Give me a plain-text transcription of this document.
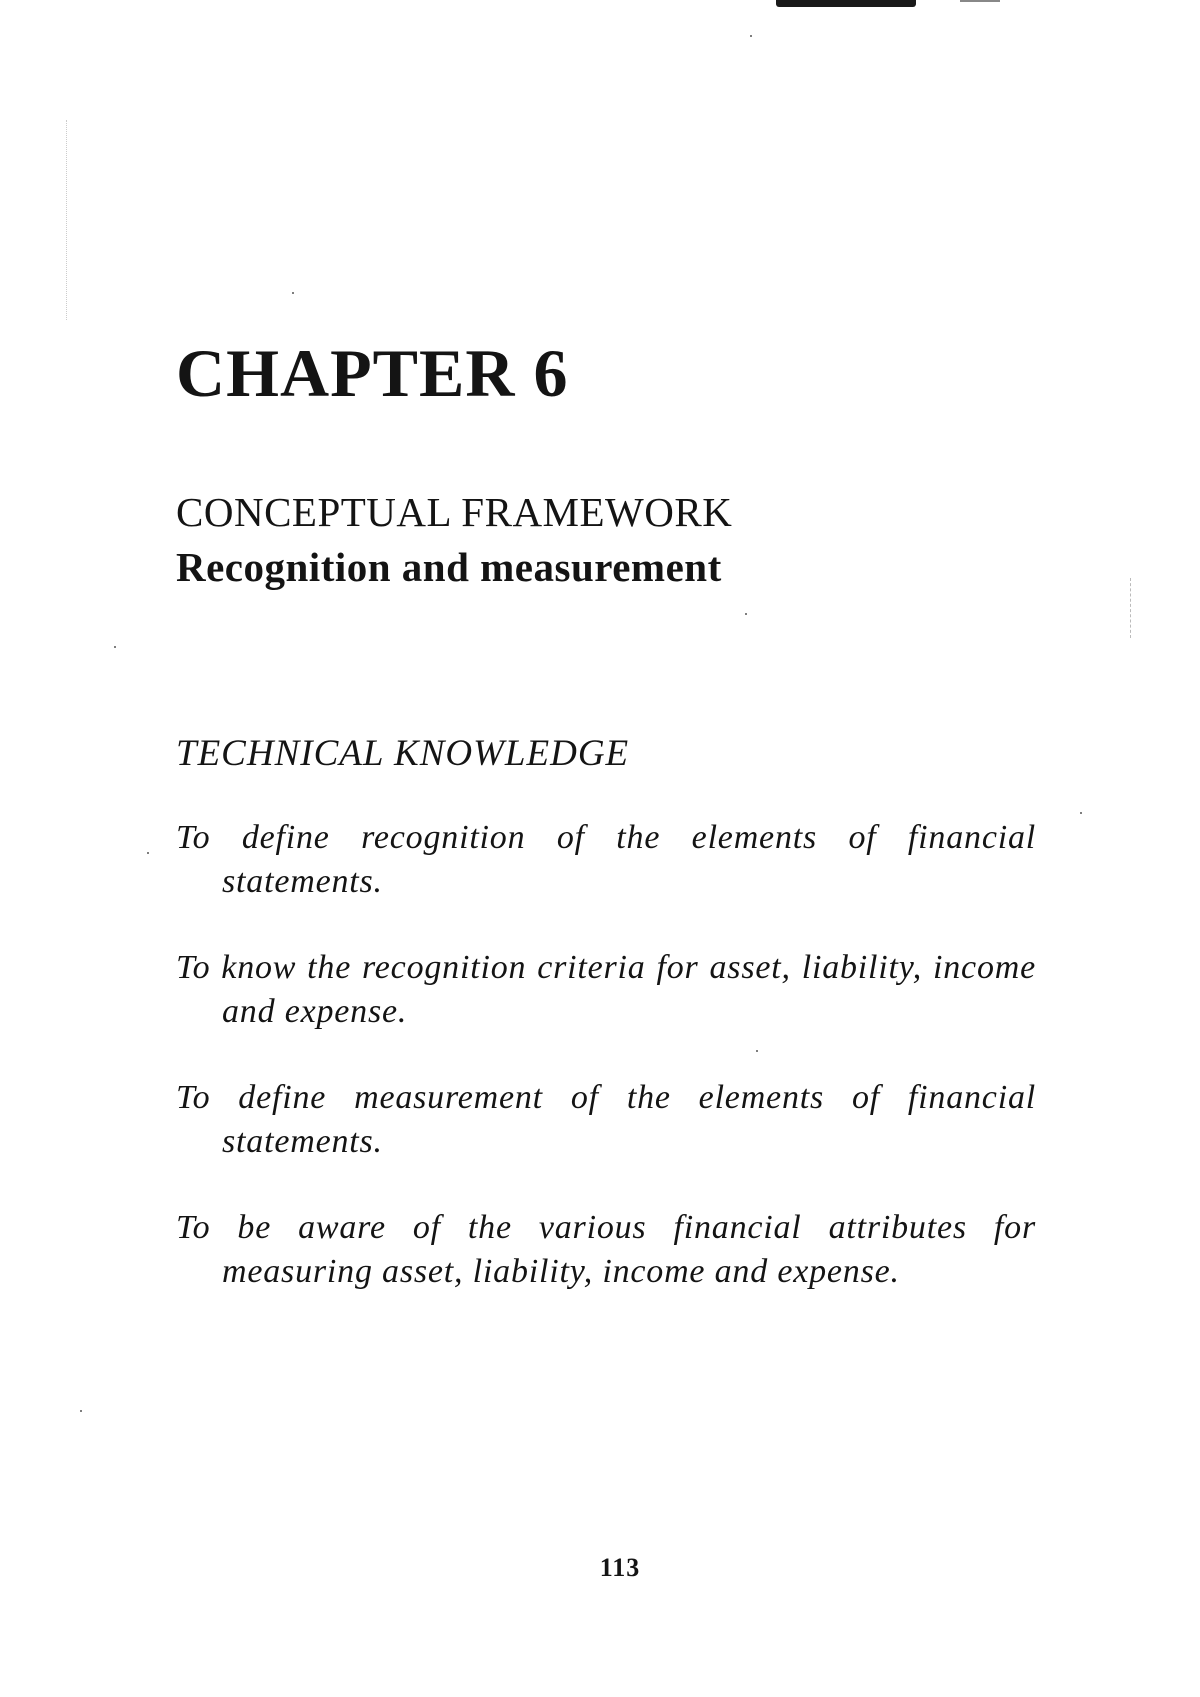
CHAPTER 6
CONCEPTUAL FRAMEWORK
Recognition and measurement
TECHNICAL KNOWLEDGE
To define recognition of the elements of financial statements.
To know the recognition criteria for asset, liability, income and expense.
To define measurement of the elements of financial statements.
To be aware of the various financial attributes for measuring asset, liability, income and expense.
113
